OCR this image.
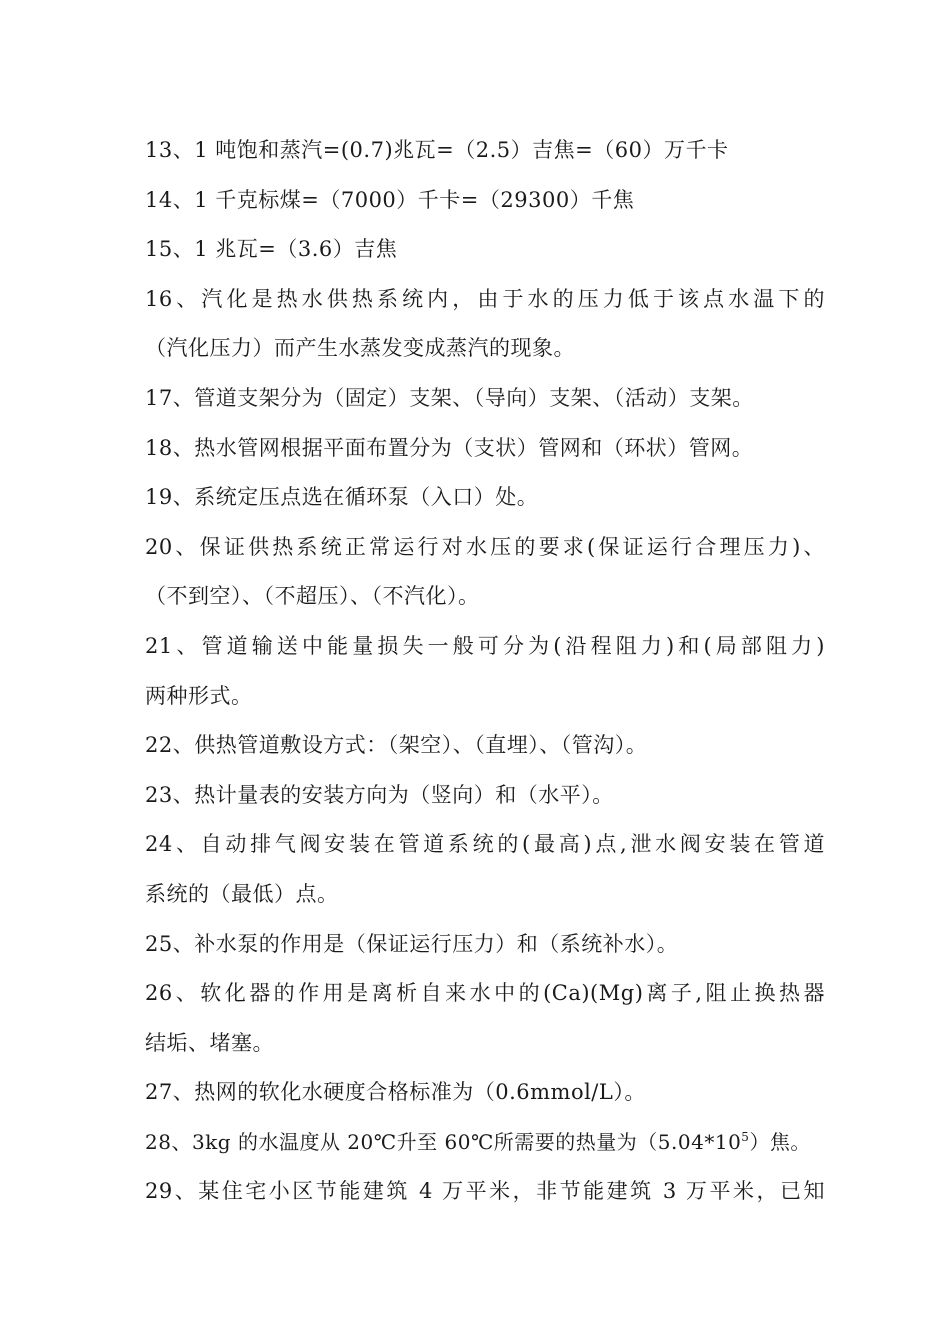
13、1 吨饱和蒸汽=(0.7)兆瓦=（2.5）吉焦=（60）万千卡
14、1 千克标煤=（7000）千卡=（29300）千焦
15、1 兆瓦=（3.6）吉焦
16、汽化是热水供热系统内，由于水的压力低于该点水温下的
（汽化压力）而产生水蒸发变成蒸汽的现象。
17、管道支架分为（固定）支架、（导向）支架、（活动）支架。
18、热水管网根据平面布置分为（支状）管网和（环状）管网。
19、系统定压点选在循环泵（入口）处。
20、保证供热系统正常运行对水压的要求(保证运行合理压力)、
（不到空）、（不超压）、（不汽化）。
21、管道输送中能量损失一般可分为(沿程阻力)和(局部阻力)
两种形式。
22、供热管道敷设方式：（架空）、（直埋）、（管沟）。
23、热计量表的安装方向为（竖向）和（水平）。
24、自动排气阀安装在管道系统的(最高)点,泄水阀安装在管道
系统的（最低）点。
25、补水泵的作用是（保证运行压力）和（系统补水）。
26、软化器的作用是离析自来水中的(Ca)(Mg)离子,阻止换热器
结垢、堵塞。
27、热网的软化水硬度合格标准为（0.6mmol/L）。
28、3kg 的水温度从 20℃升至 60℃所需要的热量为$(5.04*10^5)$焦。
29、某住宅小区节能建筑 4 万平米，非节能建筑 3 万平米，已知
